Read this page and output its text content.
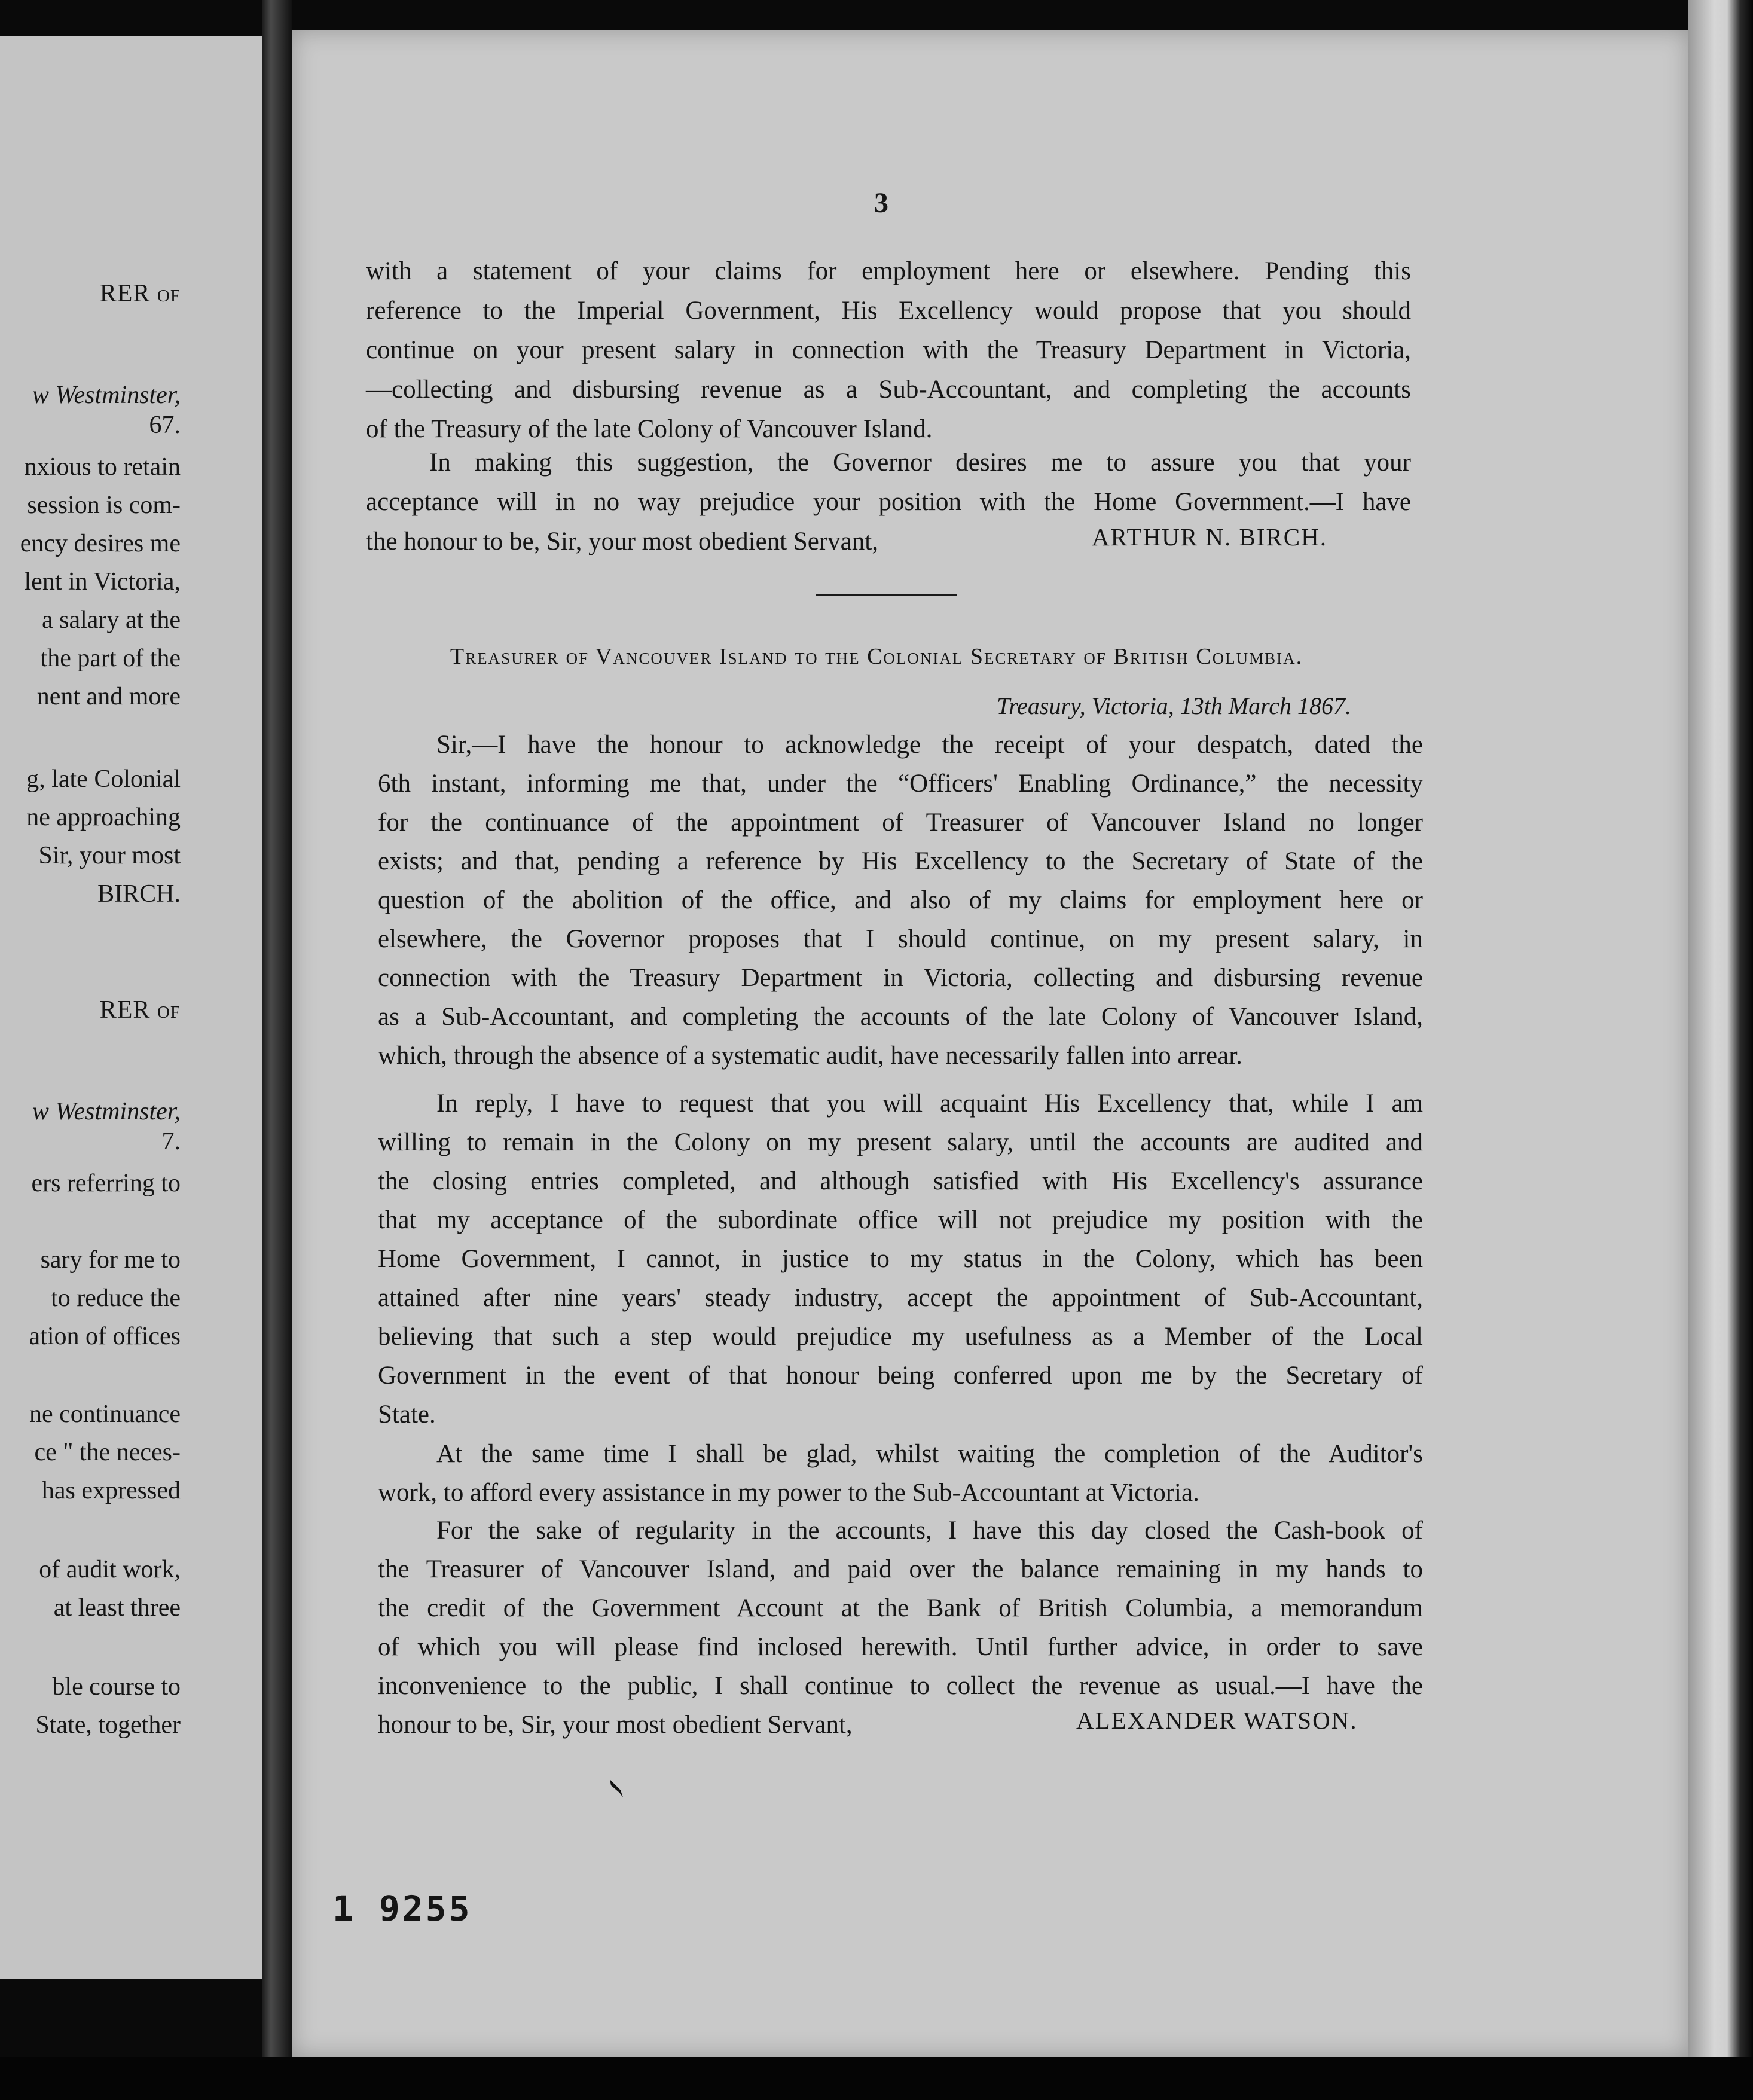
RER of
w Westminster,
67.
nxious to retain
session is com-
ency desires me
lent in Victoria,
a salary at the
the part of the
nent and more
g, late Colonial
ne approaching
Sir, your most
BIRCH.
RER of
w Westminster,
7.
ers referring to
sary for me to
to reduce the
ation of offices
ne continuance
ce " the neces-
has expressed
of audit work,
at least three
ble course to
State, together
3
with a statement of your claims for employment here or elsewhere. Pending this
reference to the Imperial Government, His Excellency would propose that you should
continue on your present salary in connection with the Treasury Department in Victoria,
—collecting and disbursing revenue as a Sub-Accountant, and completing the accounts
of the Treasury of the late Colony of Vancouver Island.
In making this suggestion, the Governor desires me to assure you that your
acceptance will in no way prejudice your position with the Home Government.—I have
the honour to be, Sir, your most obedient Servant,	ARTHUR N. BIRCH.
Treasurer of Vancouver Island to the Colonial Secretary of British Columbia.
Treasury, Victoria, 13th March 1867.
Sir,—I have the honour to acknowledge the receipt of your despatch, dated the
6th instant, informing me that, under the “Officers' Enabling Ordinance,” the necessity
for the continuance of the appointment of Treasurer of Vancouver Island no longer
exists; and that, pending a reference by His Excellency to the Secretary of State of the
question of the abolition of the office, and also of my claims for employment here or
elsewhere, the Governor proposes that I should continue, on my present salary, in
connection with the Treasury Department in Victoria, collecting and disbursing revenue
as a Sub-Accountant, and completing the accounts of the late Colony of Vancouver Island,
which, through the absence of a systematic audit, have necessarily fallen into arrear.
In reply, I have to request that you will acquaint His Excellency that, while I am
willing to remain in the Colony on my present salary, until the accounts are audited and
the closing entries completed, and although satisfied with His Excellency's assurance
that my acceptance of the subordinate office will not prejudice my position with the
Home Government, I cannot, in justice to my status in the Colony, which has been
attained after nine years' steady industry, accept the appointment of Sub-Accountant,
believing that such a step would prejudice my usefulness as a Member of the Local
Government in the event of that honour being conferred upon me by the Secretary of
State.
At the same time I shall be glad, whilst waiting the completion of the Auditor's
work, to afford every assistance in my power to the Sub-Accountant at Victoria.
For the sake of regularity in the accounts, I have this day closed the Cash-book of
the Treasurer of Vancouver Island, and paid over the balance remaining in my hands to
the credit of the Government Account at the Bank of British Columbia, a memorandum
of which you will please find inclosed herewith. Until further advice, in order to save
inconvenience to the public, I shall continue to collect the revenue as usual.—I have the
honour to be, Sir, your most obedient Servant,	ALEXANDER WATSON.
1 9255
